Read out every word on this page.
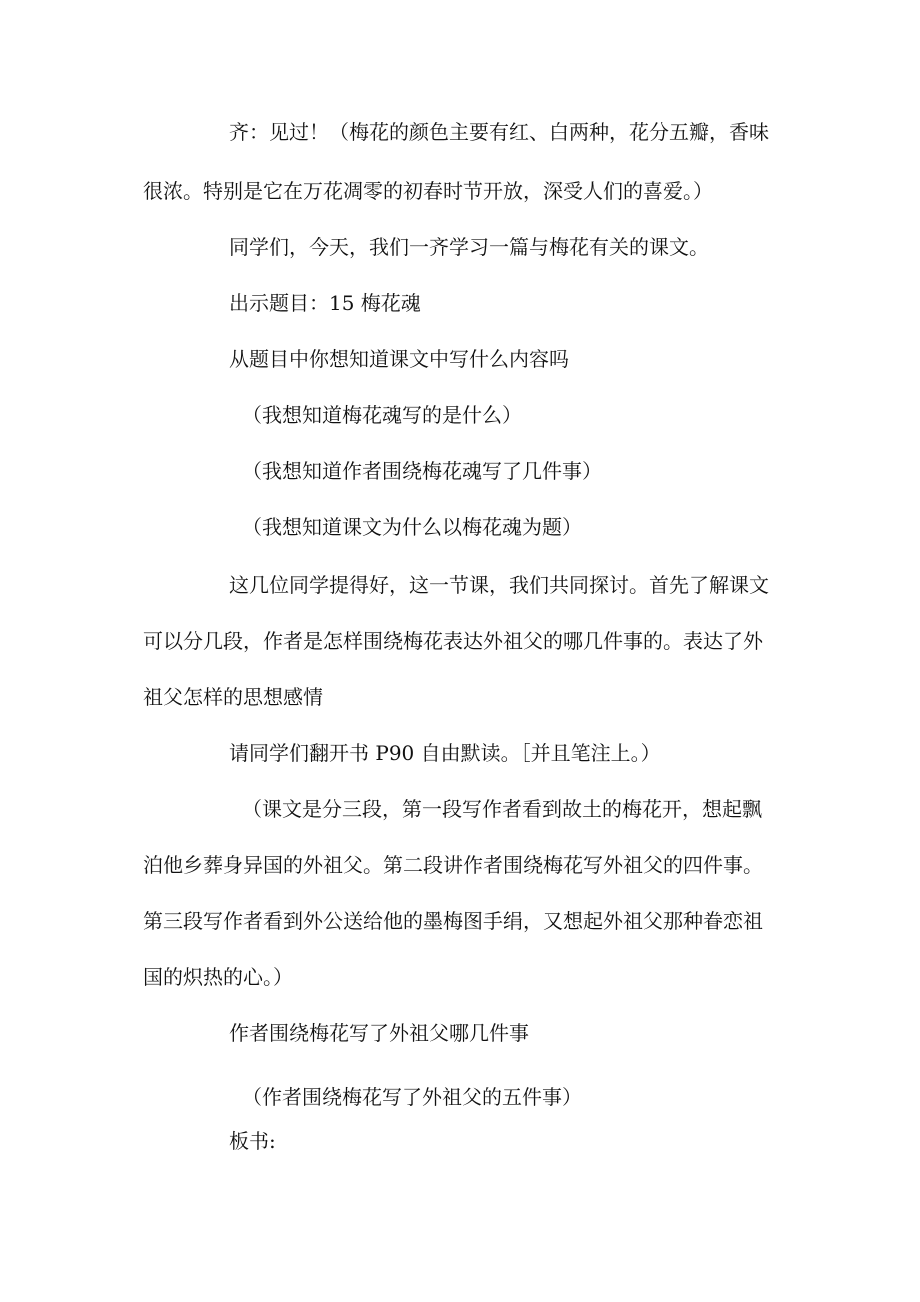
齐：见过！（梅花的颜色主要有红、白两种，花分五瓣，香味

很浓。特别是它在万花凋零的初春时节开放，深受人们的喜爱。）

同学们，今天，我们一齐学习一篇与梅花有关的课文。

出示题目：15 梅花魂

从题目中你想知道课文中写什么内容吗

（我想知道梅花魂写的是什么）

（我想知道作者围绕梅花魂写了几件事）

（我想知道课文为什么以梅花魂为题）

这几位同学提得好，这一节课，我们共同探讨。首先了解课文

可以分几段，作者是怎样围绕梅花表达外祖父的哪几件事的。表达了外

祖父怎样的思想感情

请同学们翻开书 P90 自由默读。［并且笔注上。）

（课文是分三段，第一段写作者看到故土的梅花开，想起飘

泊他乡葬身异国的外祖父。第二段讲作者围绕梅花写外祖父的四件事。

第三段写作者看到外公送给他的墨梅图手绢，又想起外祖父那种眷恋祖

国的炽热的心。）

作者围绕梅花写了外祖父哪几件事

（作者围绕梅花写了外祖父的五件事）

板书:
